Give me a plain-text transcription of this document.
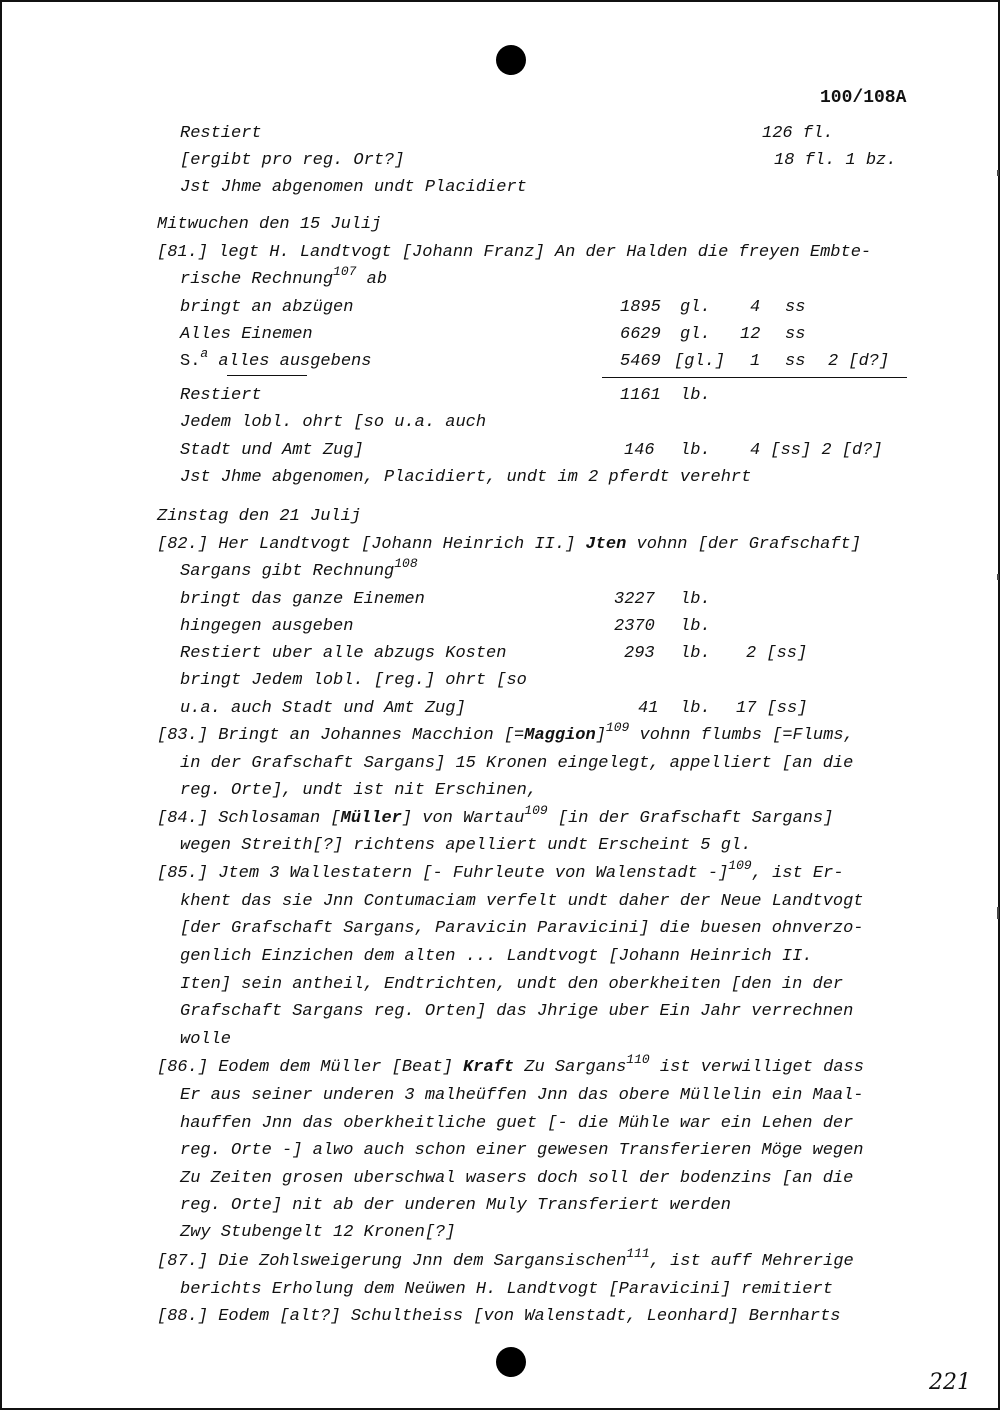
100/108A
Restiert	126 fl.
[ergibt pro reg. Ort?]	18 fl. 1 bz.
Jst Jhme abgenomen undt Placidiert
Mitwuchen den 15 Julij
[81.] legt H. Landtvogt [Johann Franz] An der Halden die freyen Embte-
rische Rechnung$^{107}$ ab
bringt an abzügen	1895 gl. 4 ss
Alles Einemen	6629 gl. 12 ss
S.$^a$ alles ausgebens	5469 [gl.] 1 ss 2 [d?]
Restiert	1161 lb.
Jedem lobl. ohrt [so u.a. auch
Stadt und Amt Zug]	146 lb. 4 [ss] 2 [d?]
Jst Jhme abgenomen, Placidiert, undt im 2 pferdt verehrt
Zinstag den 21 Julij
[82.] Her Landtvogt [Johann Heinrich II.] Jten vohnn [der Grafschaft]
Sargans gibt Rechnung$^{108}$
bringt das ganze Einemen	3227 lb.
hingegen ausgeben	2370 lb.
Restiert uber alle abzugs Kosten	293 lb. 2 [ss]
bringt Jedem lobl. [reg.] ohrt [so
u.a. auch Stadt und Amt Zug]	41 lb. 17 [ss]
[83.] Bringt an Johannes Macchion [=Maggion]$^{109}$ vohnn flumbs [=Flums,
in der Grafschaft Sargans] 15 Kronen eingelegt, appelliert [an die
reg. Orte], undt ist nit Erschinen,
[84.] Schlosaman [Müller] von Wartau$^{109}$ [in der Grafschaft Sargans]
wegen Streith[?] richtens apelliert undt Erscheint 5 gl.
[85.] Jtem 3 Wallestatern [- Fuhrleute von Walenstadt -]$^{109}$, ist Er-
khent das sie Jnn Contumaciam verfelt undt daher der Neue Landtvogt
[der Grafschaft Sargans, Paravicin Paravicini] die buesen ohnverzo-
genlich Einzichen dem alten ... Landtvogt [Johann Heinrich II.
Iten] sein antheil, Endtrichten, undt den oberkheiten [den in der
Grafschaft Sargans reg. Orten] das Jhrige uber Ein Jahr verrechnen
wolle
[86.] Eodem dem Müller [Beat] Kraft Zu Sargans$^{110}$ ist verwilliget dass
Er aus seiner underen 3 malheüffen Jnn das obere Müllelin ein Maal-
hauffen Jnn das oberkheitliche guet [- die Mühle war ein Lehen der
reg. Orte -] alwo auch schon einer gewesen Transferieren Möge wegen
Zu Zeiten grosen uberschwal wasers doch soll der bodenzins [an die
reg. Orte] nit ab der underen Muly Transferiert werden
Zwy Stubengelt 12 Kronen[?]
[87.] Die Zohlsweigerung Jnn dem Sargansischen$^{111}$, ist auff Mehrerige
berichts Erholung dem Neüwen H. Landtvogt [Paravicini] remitiert
[88.] Eodem [alt?] Schultheiss [von Walenstadt, Leonhard] Bernharts
221
